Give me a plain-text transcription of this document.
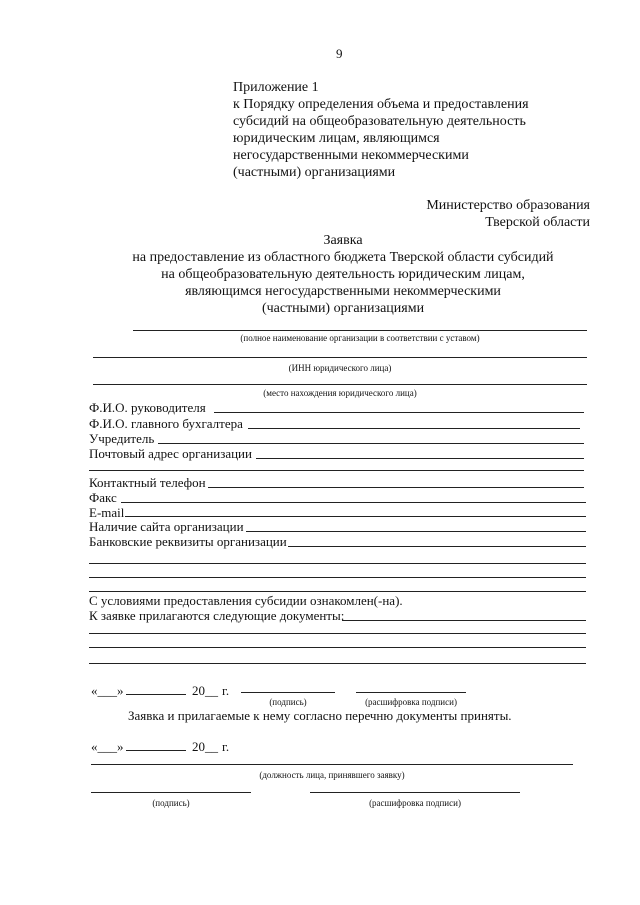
9
Приложение 1
к Порядку определения объема и предоставления
субсидий на общеобразовательную деятельность
юридическим лицам, являющимся
негосударственными некоммерческими
(частными) организациями
Министерство образования
Тверской области
Заявка
на предоставление из областного бюджета Тверской области субсидий
на общеобразовательную деятельность юридическим лицам,
являющимся негосударственными некоммерческими
(частными) организациями
(полное наименование организации в соответствии с уставом)
(ИНН юридического лица)
(место нахождения юридического лица)
Ф.И.О. руководителя
Ф.И.О. главного бухгалтера
Учредитель
Почтовый адрес организации
Контактный телефон
Факс
E-mail
Наличие сайта организации
Банковские реквизиты организации
С условиями предоставления субсидии ознакомлен(-на).
К заявке прилагаются следующие документы:
«___»	20__ г.
(подпись)	(расшифровка подписи)
Заявка и прилагаемые к нему согласно перечню документы приняты.
«___»	20__ г.
(должность лица, принявшего заявку)
(подпись)	(расшифровка подписи)
